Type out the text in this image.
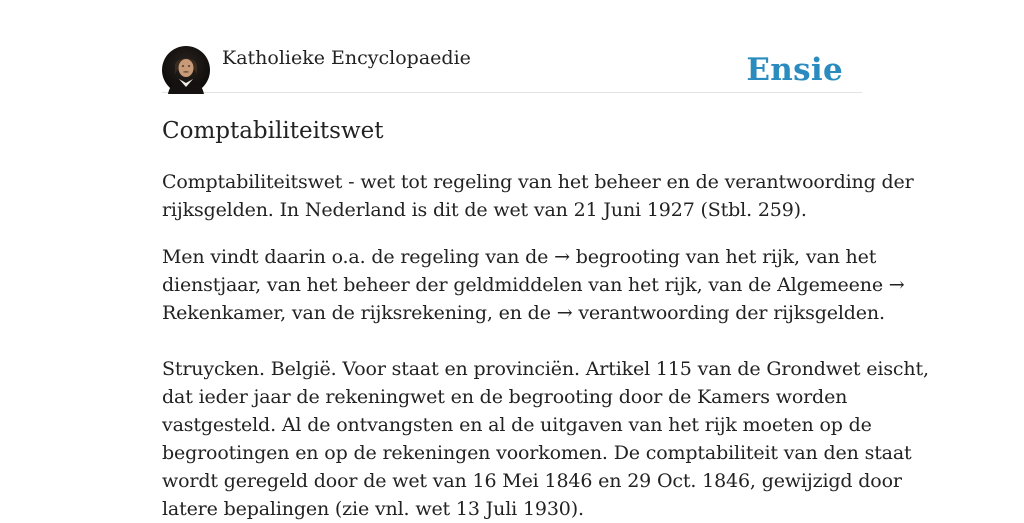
Katholieke Encyclopaedie	Ensie
Comptabiliteitswet

Comptabiliteitswet - wet tot regeling van het beheer en de verantwoording der
rijksgelden. In Nederland is dit de wet van 21 Juni 1927 (Stbl. 259).

Men vindt daarin o.a. de regeling van de → begrooting van het rijk, van het
dienstjaar, van het beheer der geldmiddelen van het rijk, van de Algemeene →
Rekenkamer, van de rijksrekening, en de → verantwoording der rijksgelden.

Struycken. België. Voor staat en provinciën. Artikel 115 van de Grondwet eischt,
dat ieder jaar de rekeningwet en de begrooting door de Kamers worden
vastgesteld. Al de ontvangsten en al de uitgaven van het rijk moeten op de
begrootingen en op de rekeningen voorkomen. De comptabiliteit van den staat
wordt geregeld door de wet van 16 Mei 1846 en 29 Oct. 1846, gewijzigd door
latere bepalingen (zie vnl. wet 13 Juli 1930).
